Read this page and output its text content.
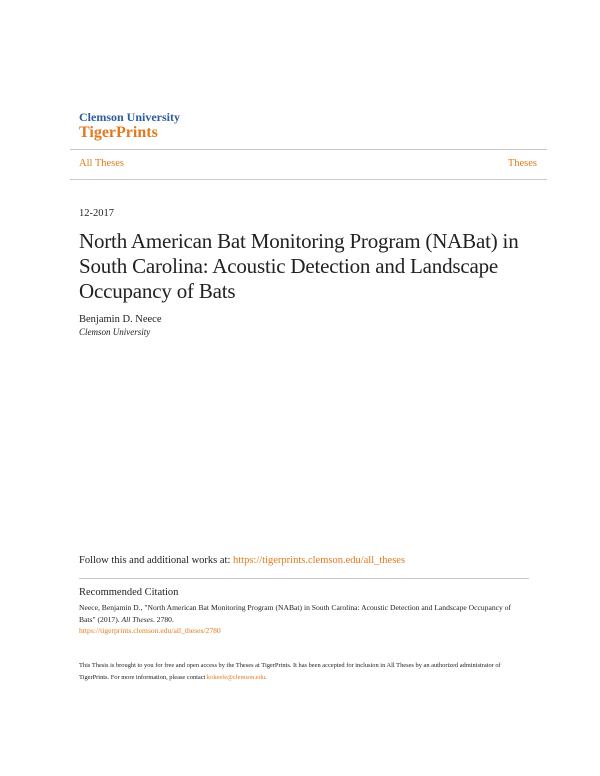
Clemson University
TigerPrints
All Theses	Theses
12-2017
North American Bat Monitoring Program (NABat) in South Carolina: Acoustic Detection and Landscape Occupancy of Bats
Benjamin D. Neece
Clemson University
Follow this and additional works at: https://tigerprints.clemson.edu/all_theses
Recommended Citation
Neece, Benjamin D., "North American Bat Monitoring Program (NABat) in South Carolina: Acoustic Detection and Landscape Occupancy of Bats" (2017). All Theses. 2780.
https://tigerprints.clemson.edu/all_theses/2780
This Thesis is brought to you for free and open access by the Theses at TigerPrints. It has been accepted for inclusion in All Theses by an authorized administrator of TigerPrints. For more information, please contact kokeefe@clemson.edu.
